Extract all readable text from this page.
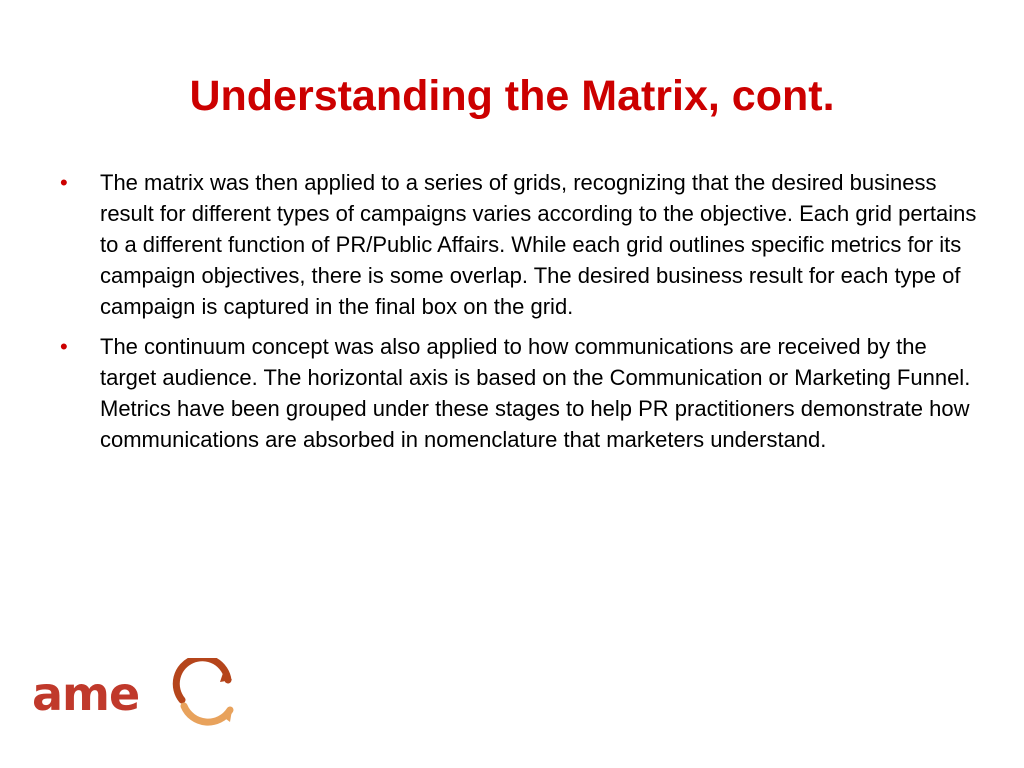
Understanding the Matrix, cont.
• The matrix was then applied to a series of grids, recognizing that the desired business result for different types of campaigns varies according to the objective. Each grid pertains to a different function of PR/Public Affairs. While each grid outlines specific metrics for its campaign objectives, there is some overlap. The desired business result for each type of campaign is captured in the final box on the grid.
• The continuum concept was also applied to how communications are received by the target audience. The horizontal axis is based on the Communication or Marketing Funnel. Metrics have been grouped under these stages to help PR practitioners demonstrate how communications are absorbed in nomenclature that marketers understand.
ame
